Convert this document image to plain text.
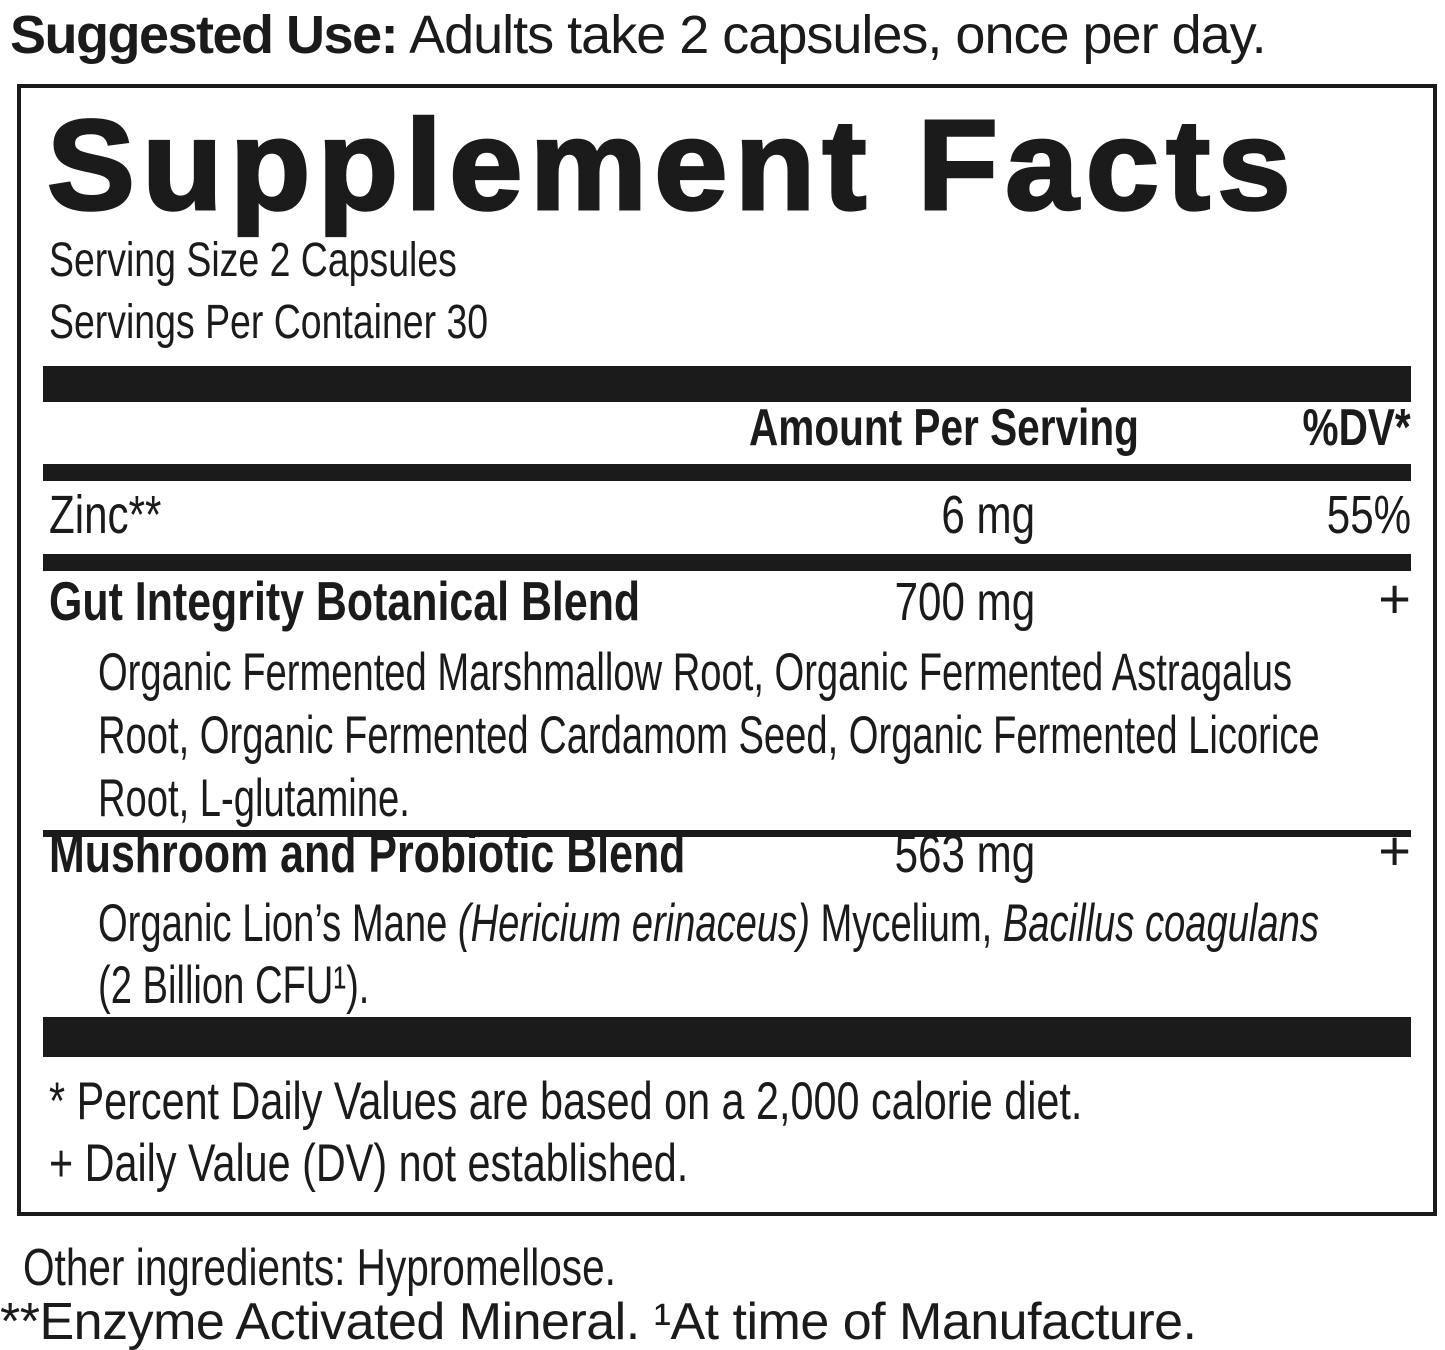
Suggested Use: Adults take 2 capsules, once per day.
Supplement Facts
Serving Size 2 Capsules
Servings Per Container 30
Amount Per Serving	%DV*
Zinc**	6 mg	55%
Gut Integrity Botanical Blend	700 mg	+
Organic Fermented Marshmallow Root, Organic Fermented Astragalus
Root, Organic Fermented Cardamom Seed, Organic Fermented Licorice
Root, L-glutamine.
Mushroom and Probiotic Blend	563 mg	+
Organic Lion’s Mane (Hericium erinaceus) Mycelium, Bacillus coagulans
(2 Billion CFU¹).
* Percent Daily Values are based on a 2,000 calorie diet.
+ Daily Value (DV) not established.
Other ingredients: Hypromellose.
**Enzyme Activated Mineral. ¹At time of Manufacture.
